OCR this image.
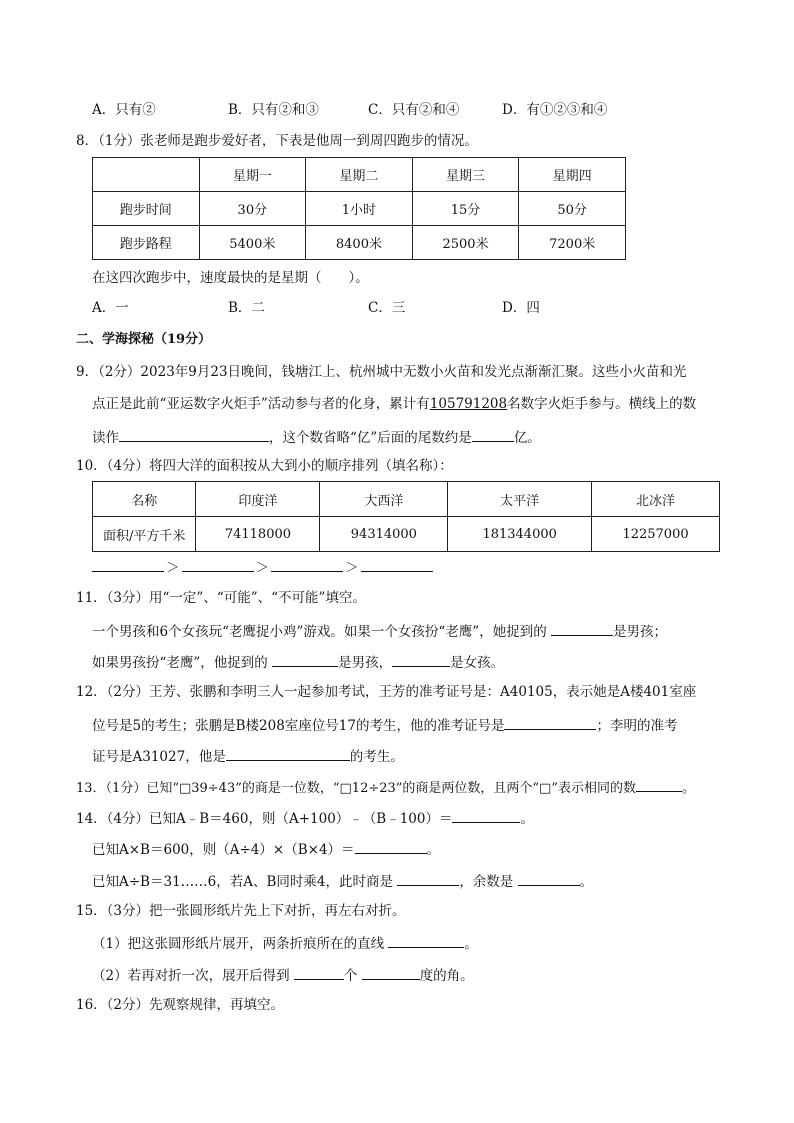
A．只有②	B．只有②和③	C．只有②和④	D．有①②③和④
8．（1分）张老师是跑步爱好者，下表是他周一到周四跑步的情况。
	星期一	星期二	星期三	星期四
跑步时间	30分	1小时	15分	50分
跑步路程	5400米	8400米	2500米	7200米
在这四次跑步中，速度最快的是星期（　　）。
A．一	B．二	C．三	D．四
二、学海探秘（19分）
9．（2分）2023年9月23日晚间，钱塘江上、杭州城中无数小火苗和发光点渐渐汇聚。这些小火苗和光
点正是此前“亚运数字火炬手”活动参与者的化身，累计有105791208名数字火炬手参与。横线上的数
读作	，这个数省略“亿”后面的尾数约是	亿。
10．（4分）将四大洋的面积按从大到小的顺序排列（填名称）：
名称	印度洋	大西洋	太平洋	北冰洋
面积/平方千米	74118000	94314000	181344000	12257000
＞	＞	＞
11．（3分）用“一定”、“可能”、“不可能”填空。
一个男孩和6个女孩玩“老鹰捉小鸡”游戏。如果一个女孩扮“老鹰”，她捉到的	是男孩；
如果男孩扮“老鹰”，他捉到的	是男孩，	是女孩。
12．（2分）王芳、张鹏和李明三人一起参加考试，王芳的准考证号是：A40105，表示她是A楼401室座
位号是5的考生；张鹏是B楼208室座位号17的考生，他的准考证号是	；李明的准考
证号是A31027，他是	的考生。
13．（1分）已知“□39÷43”的商是一位数，“□12÷23”的商是两位数，且两个“□”表示相同的数	。
14．（4分）已知A﹣B＝460，则（A+100）﹣（B﹣100）＝	。
已知A×B＝600，则（A÷4）×（B×4）＝	。
已知A÷B＝31……6，若A、B同时乘4，此时商是	，余数是	。
15．（3分）把一张圆形纸片先上下对折，再左右对折。
（1）把这张圆形纸片展开，两条折痕所在的直线	。
（2）若再对折一次，展开后得到	个	度的角。
16．（2分）先观察规律，再填空。
